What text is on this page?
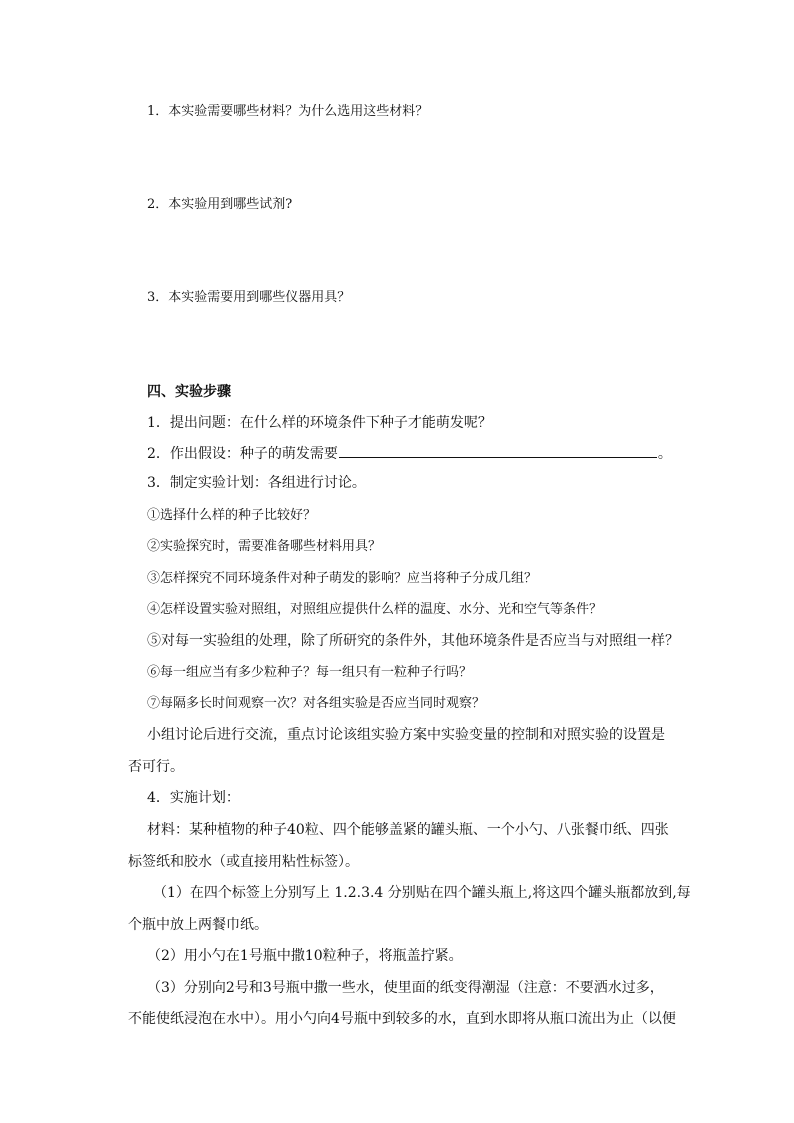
1．本实验需要哪些材料？为什么选用这些材料？
2．本实验用到哪些试剂?
3．本实验需要用到哪些仪器用具？
四、实验步骤
1．提出问题：在什么样的环境条件下种子才能萌发呢？
2．作出假设：种子的萌发需要	。
3．制定实验计划：各组进行讨论。
①选择什么样的种子比较好？
②实验探究时，需要准备哪些材料用具？
③怎样探究不同环境条件对种子萌发的影响？应当将种子分成几组？
④怎样设置实验对照组，对照组应提供什么样的温度、水分、光和空气等条件？
⑤对每一实验组的处理，除了所研究的条件外，其他环境条件是否应当与对照组一样？
⑥每一组应当有多少粒种子？每一组只有一粒种子行吗？
⑦每隔多长时间观察一次？对各组实验是否应当同时观察？
小组讨论后进行交流，重点讨论该组实验方案中实验变量的控制和对照实验的设置是
否可行。
4．实施计划：
材料：某种植物的种子40粒、四个能够盖紧的罐头瓶、一个小勺、八张餐巾纸、四张
标签纸和胶水（或直接用粘性标签）。
（1）在四个标签上分别写上 1.2.3.4 分别贴在四个罐头瓶上,将这四个罐头瓶都放到,每
个瓶中放上两餐巾纸。
（2）用小勺在1号瓶中撒10粒种子，将瓶盖拧紧。
（3）分别向2号和3号瓶中撒一些水，使里面的纸变得潮湿（注意：不要洒水过多，
不能使纸浸泡在水中）。用小勺向4号瓶中到较多的水，直到水即将从瓶口流出为止（以便
